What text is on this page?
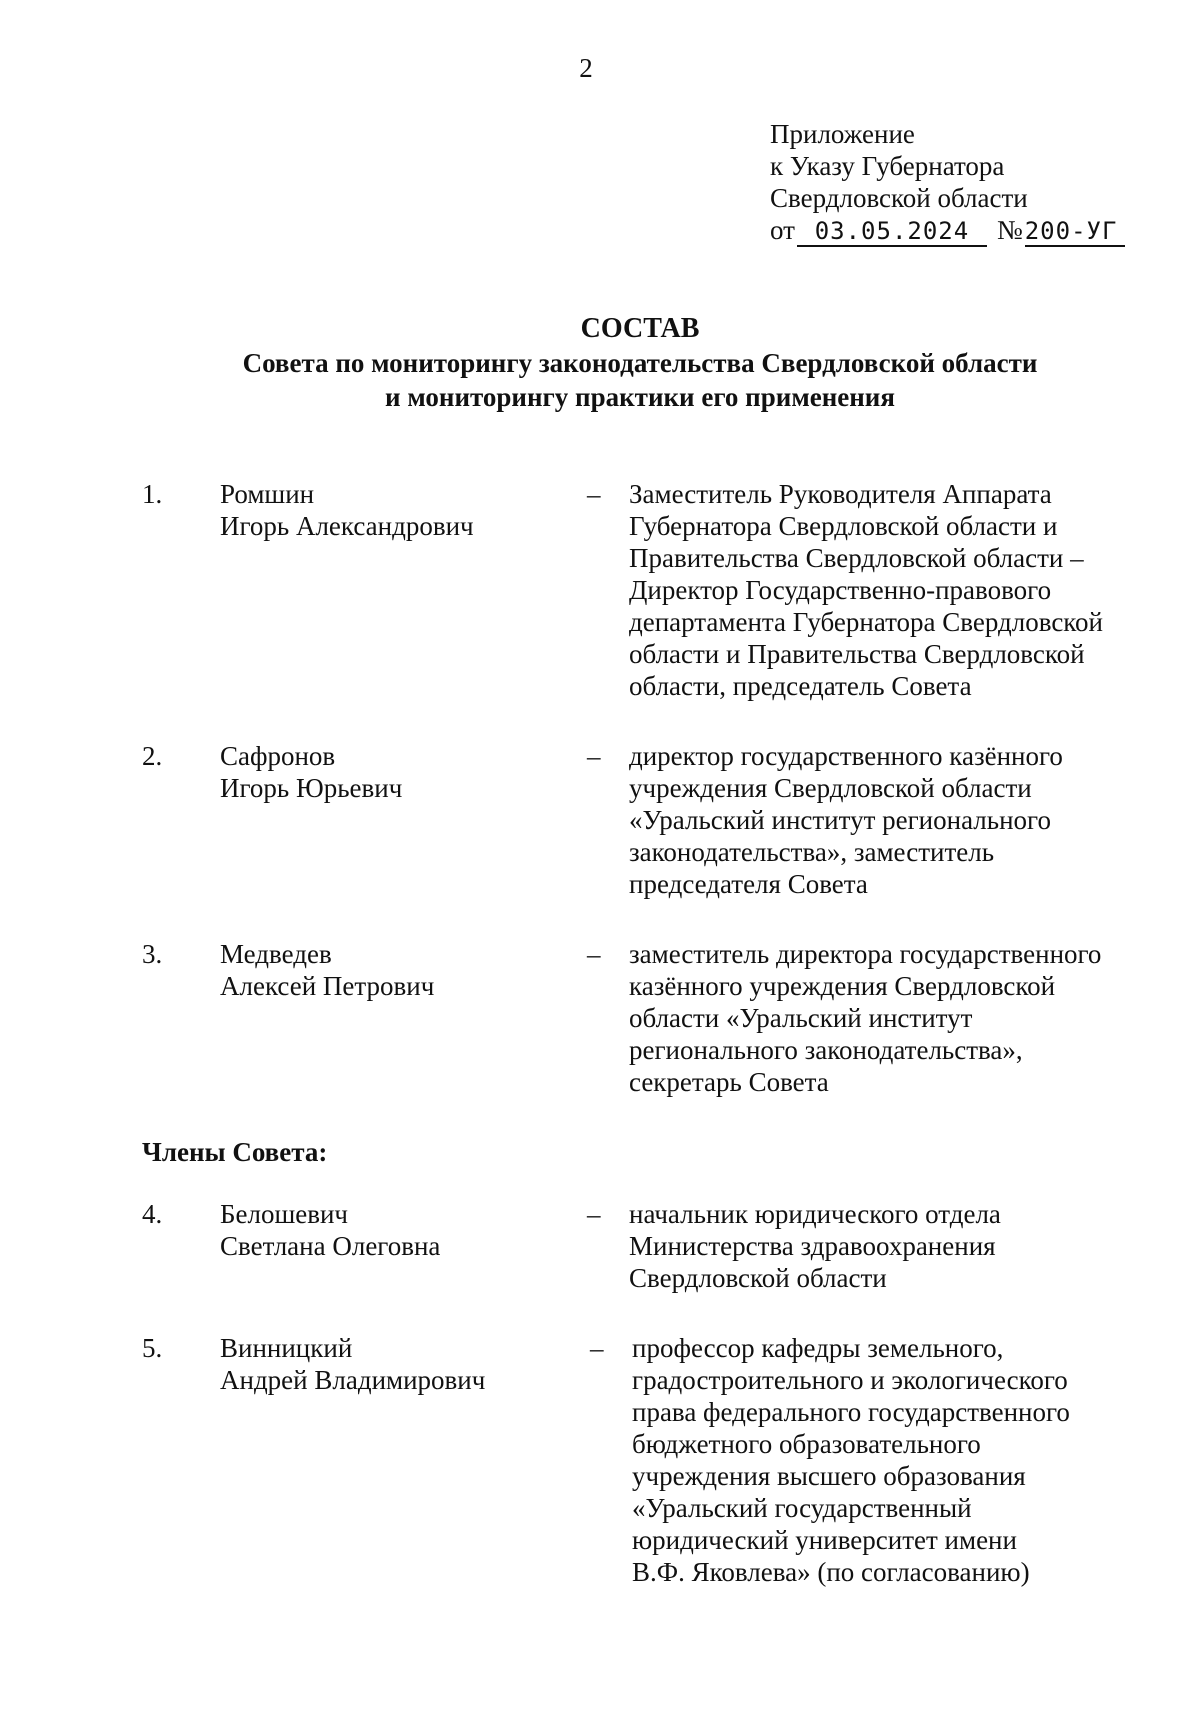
2
Приложение
к Указу Губернатора
Свердловской области
от 03.05.2024	№ 200-УГ
СОСТАВ
Совета по мониторингу законодательства Свердловской области
и мониторингу практики его применения
1. Ромшин
Игорь Александрович
– Заместитель Руководителя Аппарата
Губернатора Свердловской области и
Правительства Свердловской области –
Директор Государственно-правового
департамента Губернатора Свердловской
области и Правительства Свердловской
области, председатель Совета
2. Сафронов
Игорь Юрьевич
– директор государственного казённого
учреждения Свердловской области
«Уральский институт регионального
законодательства», заместитель
председателя Совета
3. Медведев
Алексей Петрович
– заместитель директора государственного
казённого учреждения Свердловской
области «Уральский институт
регионального законодательства»,
секретарь Совета
Члены Совета:
4. Белошевич
Светлана Олеговна
– начальник юридического отдела
Министерства здравоохранения
Свердловской области
5. Винницкий
Андрей Владимирович
– профессор кафедры земельного,
градостроительного и экологического
права федерального государственного
бюджетного образовательного
учреждения высшего образования
«Уральский государственный
юридический университет имени
В.Ф. Яковлева» (по согласованию)
